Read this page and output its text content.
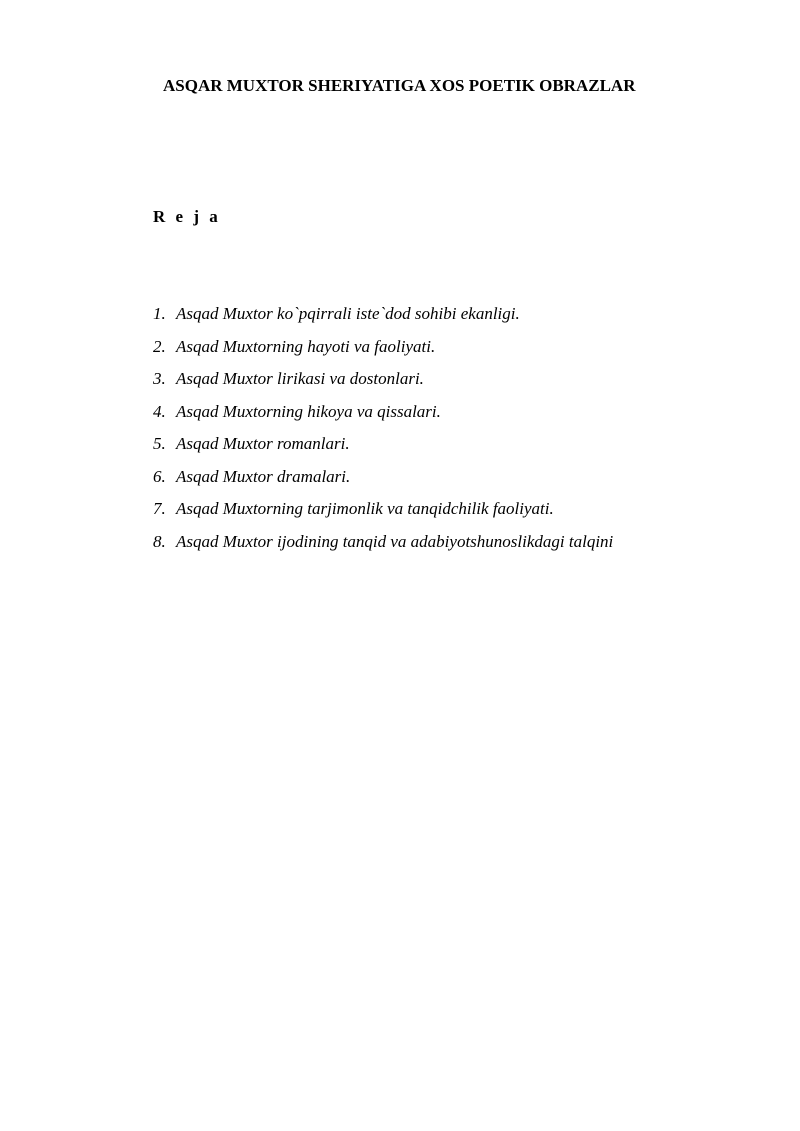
ASQAR MUXTOR SHERIYATIGA XOS POETIK OBRAZLAR
R e j a
1. Asqad Muxtor ko`pqirrali iste`dod sohibi ekanligi.
2. Asqad Muxtorning hayoti va faoliyati.
3. Asqad Muxtor lirikasi va dostonlari.
4. Asqad Muxtorning hikoya va qissalari.
5. Asqad Muxtor romanlari.
6. Asqad Muxtor dramalari.
7. Asqad Muxtorning tarjimonlik va tanqidchilik faoliyati.
8. Asqad Muxtor ijodining tanqid va adabiyotshunoslikdagi talqini
